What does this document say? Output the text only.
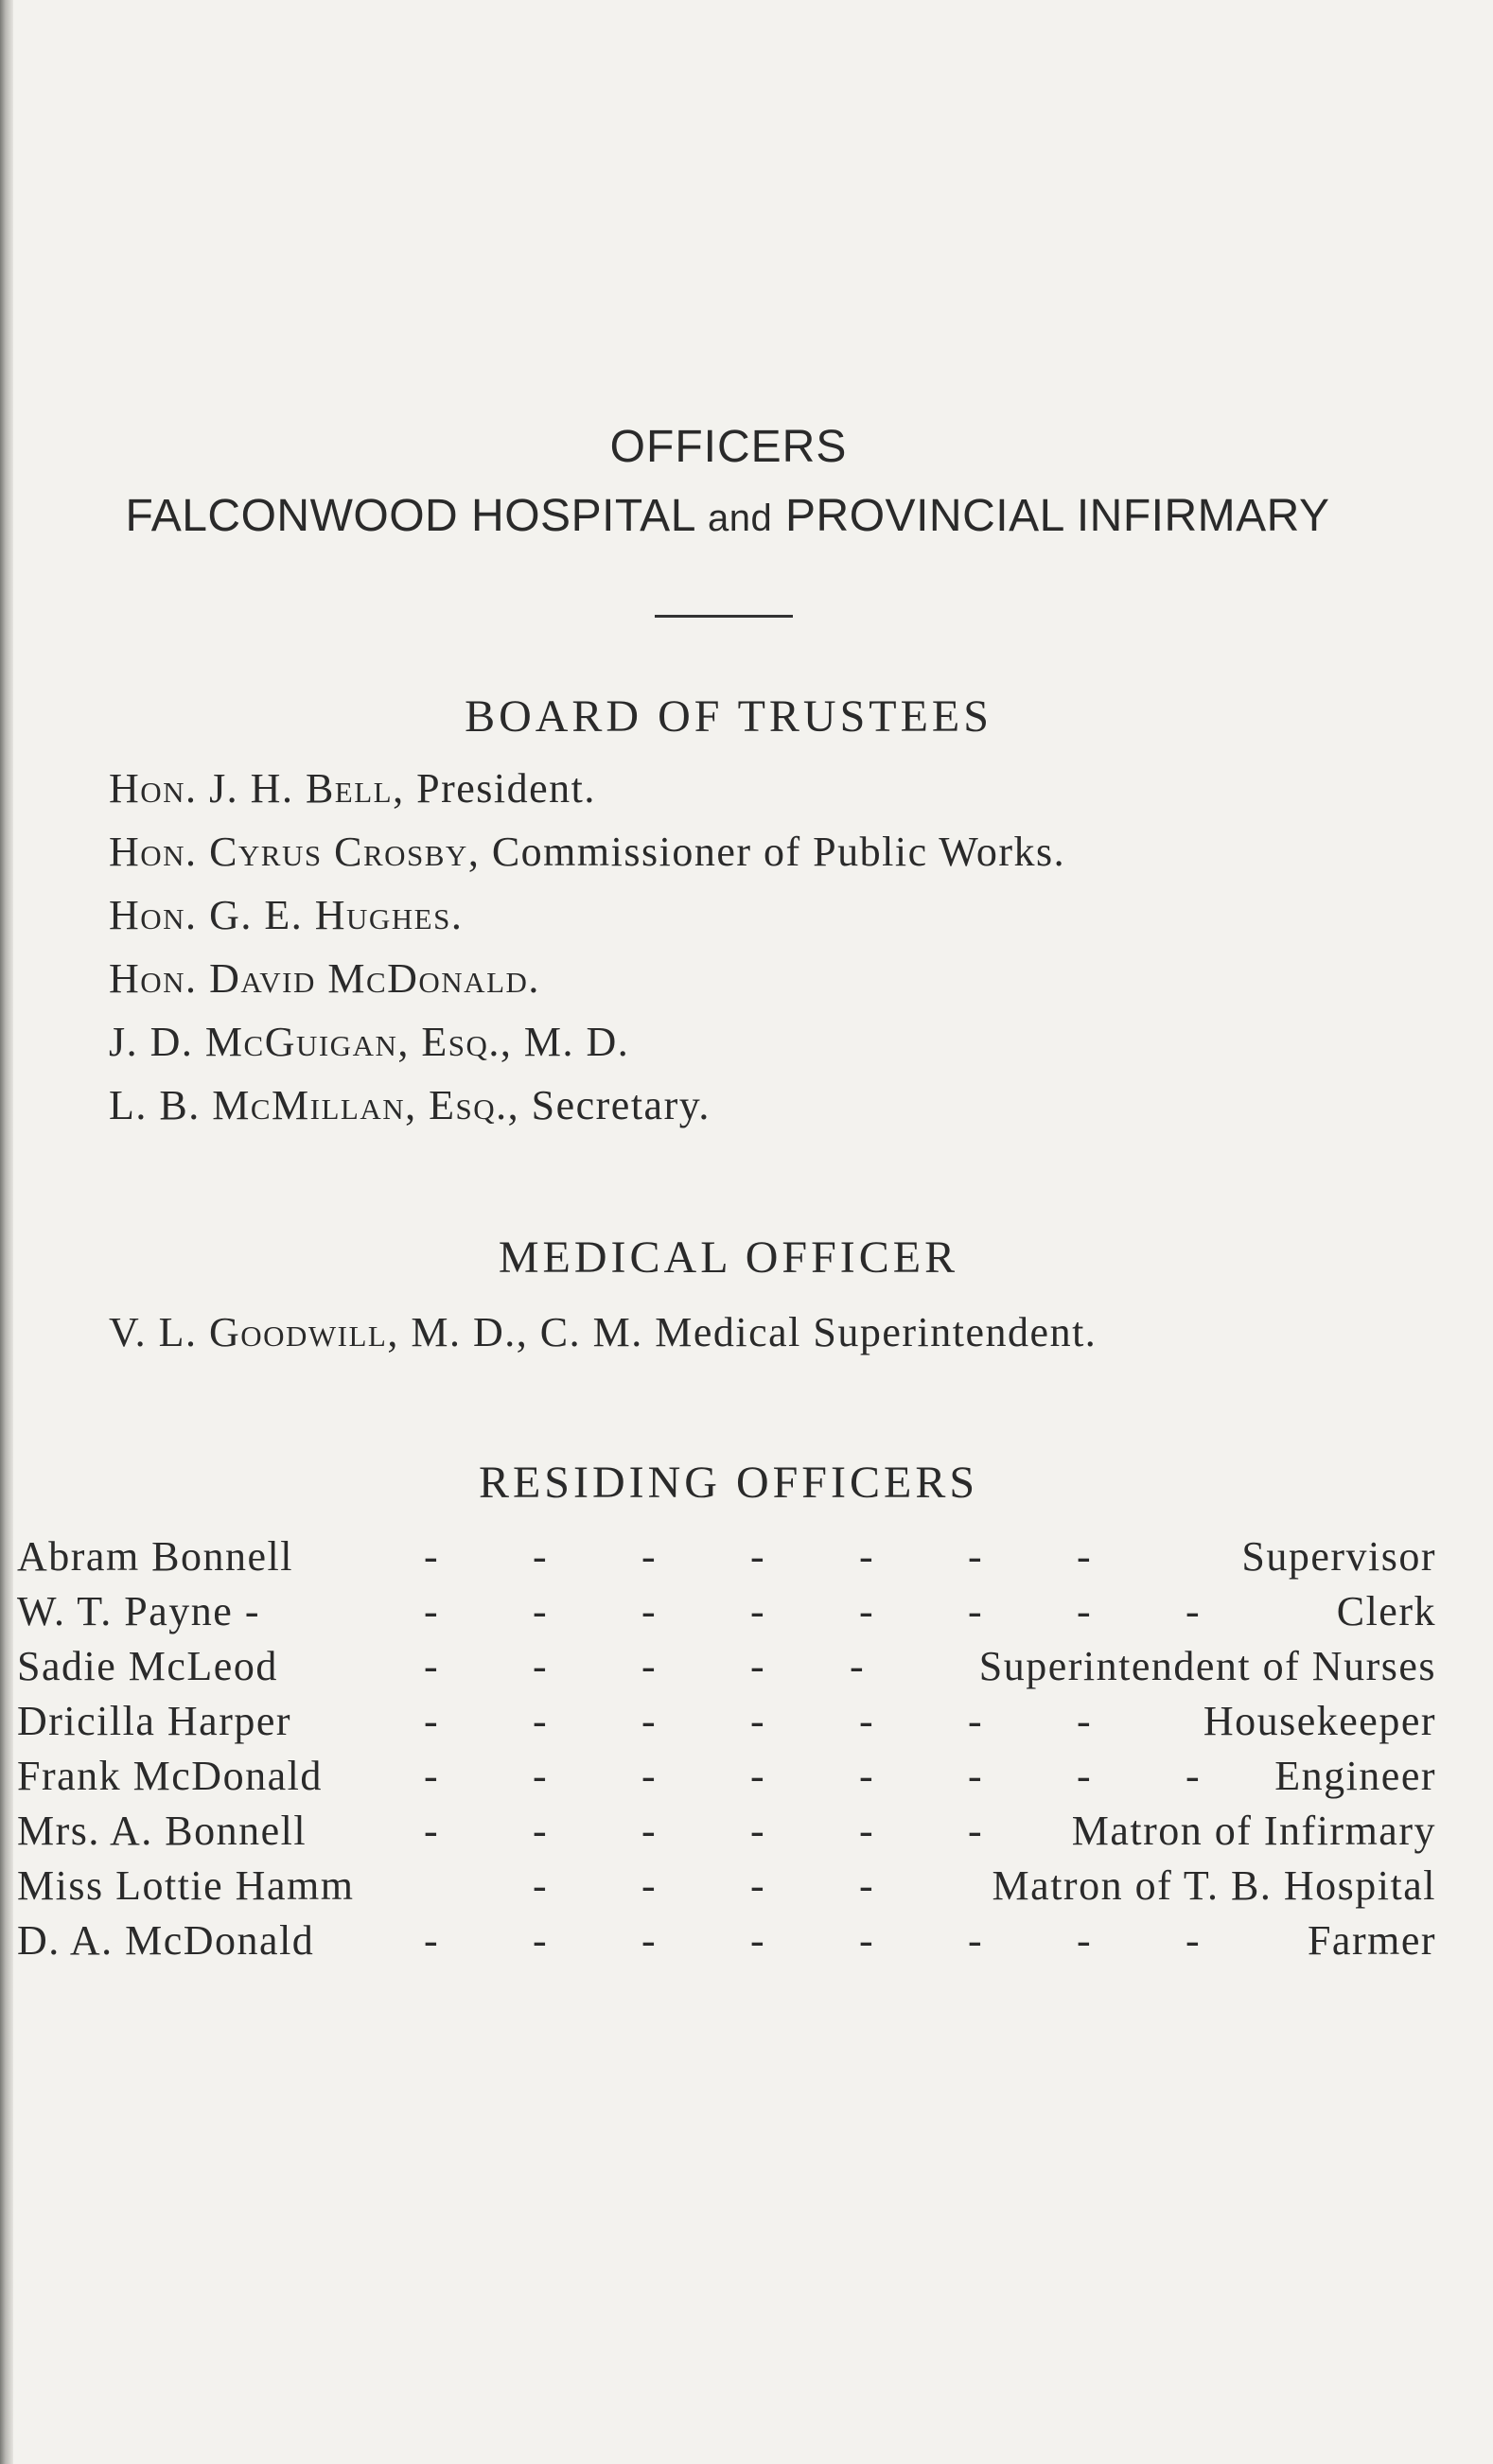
OFFICERS
FALCONWOOD HOSPITAL and PROVINCIAL INFIRMARY
BOARD OF TRUSTEES
Hon. J. H. Bell, President.
Hon. Cyrus Crosby, Commissioner of Public Works.
Hon. G. E. Hughes.
Hon. David McDonald.
J. D. McGuigan, Esq., M. D.
L. B. McMillan, Esq., Secretary.
MEDICAL OFFICER
V. L. Goodwill, M. D., C. M. Medical Superintendent.
RESIDING OFFICERS
Abram Bonnell	- - - - - - -	Supervisor
W. T. Payne -	- - - - - - - -	Clerk
Sadie McLeod	- - - - -	Superintendent of Nurses
Dricilla Harper	- - - - - - -	Housekeeper
Frank McDonald - - - - - - - - Engineer
Mrs. A. Bonnell	- - - - - - Matron of Infirmary
Miss Lottie Hamm	- - - -	Matron of T. B. Hospital
D. A. McDonald	- - - - - - - -	Farmer
